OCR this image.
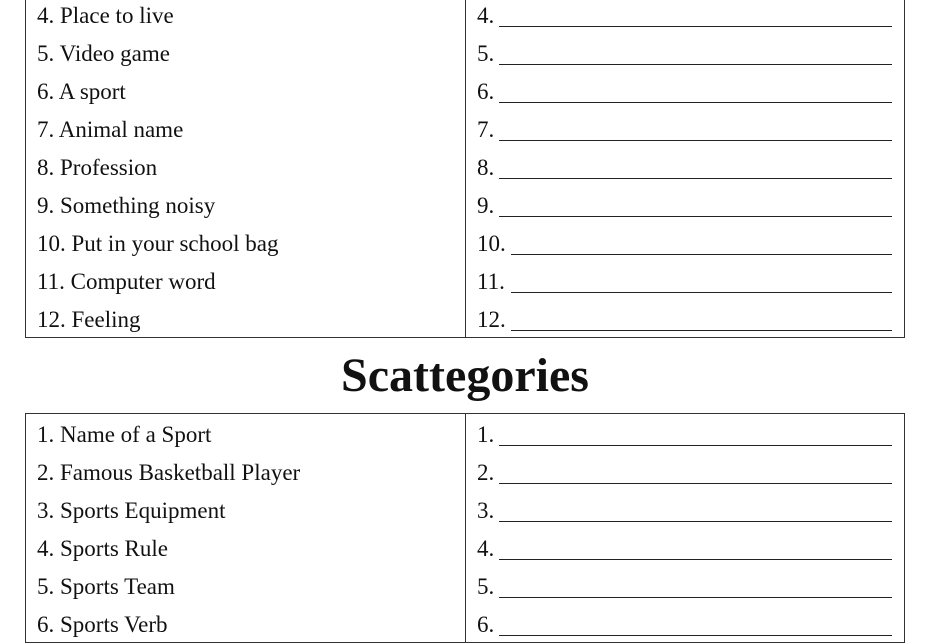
4. Place to live	4.
5. Video game	5.
6. A sport	6.
7. Animal name	7.
8. Profession	8.
9. Something noisy	9.
10. Put in your school bag	10.
11. Computer word	11.
12. Feeling	12.
Scattegories
1. Name of a Sport	1.
2. Famous Basketball Player	2.
3. Sports Equipment	3.
4. Sports Rule	4.
5. Sports Team	5.
6. Sports Verb	6.
